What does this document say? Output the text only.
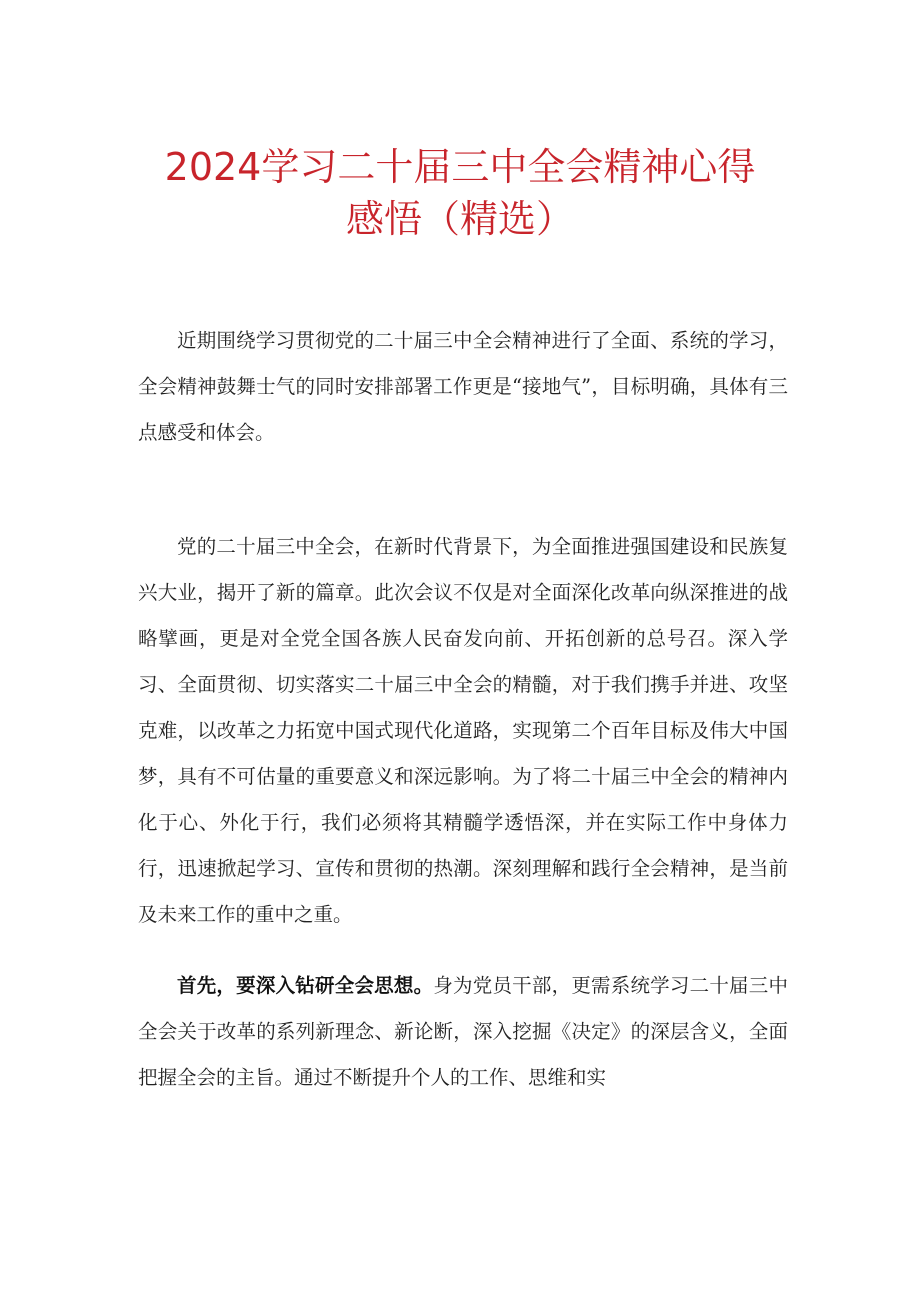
2024学习二十届三中全会精神心得
感悟（精选）

近期围绕学习贯彻党的二十届三中全会精神进行了全面、系统的学习，全会精神鼓舞士气的同时安排部署工作更是“接地气”，目标明确，具体有三点感受和体会。

党的二十届三中全会，在新时代背景下，为全面推进强国建设和民族复兴大业，揭开了新的篇章。此次会议不仅是对全面深化改革向纵深推进的战略擘画，更是对全党全国各族人民奋发向前、开拓创新的总号召。深入学习、全面贯彻、切实落实二十届三中全会的精髓，对于我们携手并进、攻坚克难，以改革之力拓宽中国式现代化道路，实现第二个百年目标及伟大中国梦，具有不可估量的重要意义和深远影响。为了将二十届三中全会的精神内化于心、外化于行，我们必须将其精髓学透悟深，并在实际工作中身体力行，迅速掀起学习、宣传和贯彻的热潮。深刻理解和践行全会精神，是当前及未来工作的重中之重。

首先，要深入钻研全会思想。身为党员干部，更需系统学习二十届三中全会关于改革的系列新理念、新论断，深入挖掘《决定》的深层含义，全面把握全会的主旨。通过不断提升个人的工作、思维和实
